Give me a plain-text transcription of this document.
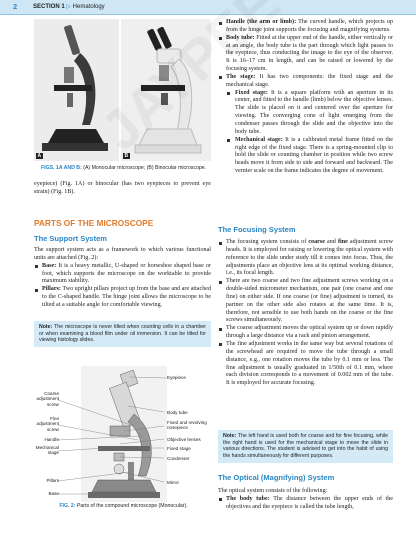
2	SECTION 1 ▷ Hematology
A	B
FIGS. 1A AND B: (A) Monocular microscope; (B) Binocular microscope.
eyepiece) (Fig. 1A) or binocular (has two eyepieces to prevent eye strain) (Fig. 1B).
PARTS OF THE MICROSCOPE
The Support System

The support system acts as a framework to which various functional units are attached (Fig. 2):

Base: It is a heavy metallic, U-shaped or horseshoe shaped base or foot, which supports the microscope on the worktable to provide maximum stability.

Pillars: Two upright pillars project up from the base and are attached to the C-shaped handle. The hinge joint allows the microscope to be tilted at a suitable angle for comfortable viewing.

Note: The microscope is never tilted when counting cells in a chamber or when examining a blood film under oil immersion. It can be tilted for viewing histology slides.
Coarse adjustment screw
Fine adjustment screw
Handle
Mechanical stage
Pillars
Base
Eyepiece
Body tube
Fixed and revolving nosepiece
Objective lenses
Fixed stage
Condenser
Mirror
FIG. 2: Parts of the compound microscope (Monocular).

Handle (the arm or limb): The curved handle, which projects up from the hinge joint supports the focusing and magnifying systems.

Body tube: Fitted at the upper end of the handle, either vertically or at an angle, the body tube is the part through which light passes to the eyepiece, thus conducting the image to the eye of the observer. It is 16–17 cm in length, and can be raised or lowered by the focusing system.

The stage: It has two components: the fixed stage and the mechanical stage.

Fixed stage: It is a square platform with an aperture in its center, and fitted to the handle (limb) below the objective lenses. The slide is placed on it and centered over the aperture for viewing. The converging cone of light emerging from the condenser passes through the slide and the objective into the body tube.

Mechanical stage: It is a calibrated metal frame fitted on the right edge of the fixed stage. There is a spring-mounted clip to hold the slide or counting chamber in position while two screw heads move it from side to side and forward and backward. The vernier scale on the frame indicates the degree of movement.

The Focusing System

The focusing system consists of coarse and fine adjustment screw heads. It is employed for raising or lowering the optical system with reference to the slide under study till it comes into focus. Thus, the adjustments place an objective lens at its optimal working distance, i.e., its focal length.

There are two coarse and two fine adjustment screws working on a double-sided micrometer mechanism, one pair (one coarse and one fine) on either side. If one coarse (or fine) adjustment is turned, its partner on the other side also rotates at the same time. It is, therefore, not sensible to use both hands on the coarse or the fine screws simultaneously.

The coarse adjustment moves the optical system up or down rapidly through a large distance via a rack and pinion arrangement.

The fine adjustment works in the same way but several rotations of the screwhead are required to move the tube through a small distance, e.g., one rotation moves the tube by 0.1 mm or less. The fine adjustment is usually graduated in 1/50th of 0.1 mm, where each division corresponds to a movement of 0.002 mm of the tube. It is employed for accurate focusing.

Note: The left hand is used both for coarse and for fine focusing, while the right hand is used for the mechanical stage to move the slide in various directions. The student is advised to get into the habit of using the hands simultaneously for different purposes.
The Optical (Magnifying) System

The optical system consists of the following:

The body tube: The distance between the upper ends of the objectives and the eyepiece is called the tube length,
